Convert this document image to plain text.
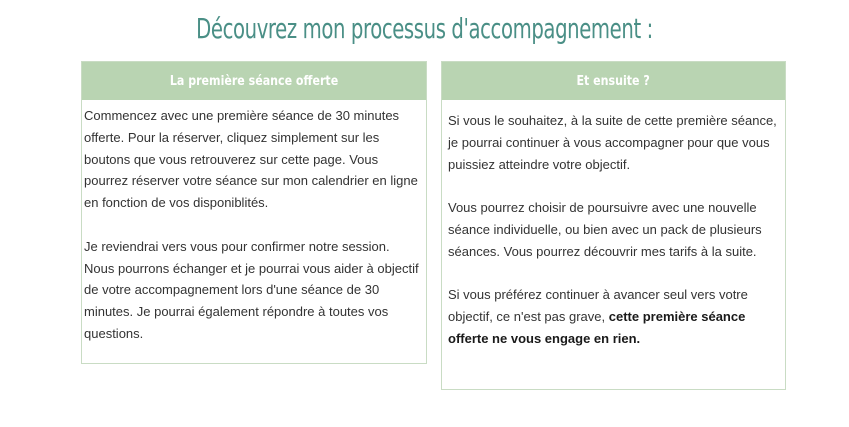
Découvrez mon processus d'accompagnement :
La première séance offerte

Commencez avec une première séance de 30 minutes offerte. Pour la réserver, cliquez simplement sur les boutons que vous retrouverez sur cette page. Vous pourrez réserver votre séance sur mon calendrier en ligne en fonction de vos disponiblités.

Je reviendrai vers vous pour confirmer notre session. Nous pourrons échanger et je pourrai vous aider à objectif de votre accompagnement lors d'une séance de 30 minutes. Je pourrai également répondre à toutes vos questions.

Et ensuite ?

Si vous le souhaitez, à la suite de cette première séance, je pourrai continuer à vous accompagner pour que vous puissiez atteindre votre objectif.

Vous pourrez choisir de poursuivre avec une nouvelle séance individuelle, ou bien avec un pack de plusieurs séances. Vous pourrez découvrir mes tarifs à la suite.

Si vous préférez continuer à avancer seul vers votre objectif, ce n'est pas grave, cette première séance offerte ne vous engage en rien.
